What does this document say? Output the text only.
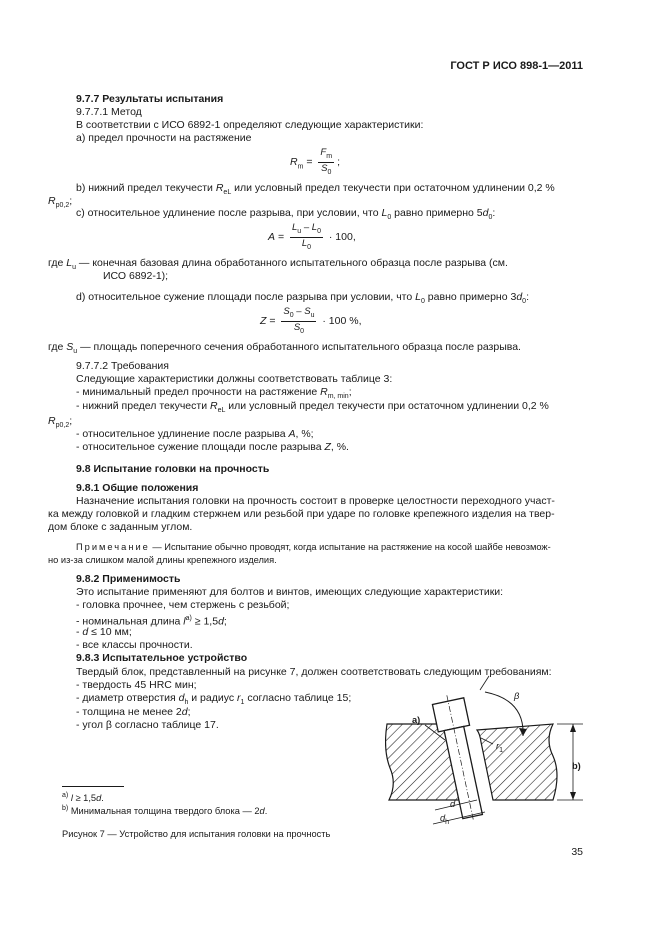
ГОСТ Р ИСО 898-1—2011
9.7.7 Результаты испытания
9.7.7.1 Метод
В соответствии с ИСО 6892-1 определяют следующие характеристики:
а) предел прочности на растяжение
$R_m = \frac{F_m}{S_0}$ ;
b) нижний предел текучести $R_{eL}$ или условный предел текучести при остаточном удлинении 0,2 %
$R_{p0,2}$;
с) относительное удлинение после разрыва, при условии, что $L_0$ равно примерно $5d_0$:
$A = \frac{L_u - L_0}{L_0} \cdot 100$,
где $L_u$ — конечная базовая длина обработанного испытательного образца после разрыва (см.
ИСО 6892-1);
d) относительное сужение площади после разрыва при условии, что $L_0$ равно примерно $3d_0$:
$Z = \frac{S_0 - S_u}{S_0} \cdot 100$ %,
где $S_u$ — площадь поперечного сечения обработанного испытательного образца после разрыва.
9.7.7.2 Требования
Следующие характеристики должны соответствовать таблице 3:
- минимальный предел прочности на растяжение $R_{m, min}$;
- нижний предел текучести $R_{eL}$ или условный предел текучести при остаточном удлинении 0,2 %
$R_{p0,2}$;
- относительное удлинение после разрыва A, %;
- относительное сужение площади после разрыва Z, %.
9.8 Испытание головки на прочность
9.8.1 Общие положения
Назначение испытания головки на прочность состоит в проверке целостности переходного участ-
ка между головкой и гладким стержнем или резьбой при ударе по головке крепежного изделия на твер-
дом блоке с заданным углом.
Примечание — Испытание обычно проводят, когда испытание на растяжение на косой шайбе невозмож-
но из-за слишком малой длины крепежного изделия.
9.8.2 Применимость
Это испытание применяют для болтов и винтов, имеющих следующие характеристики:
- головка прочнее, чем стержень с резьбой;
- номинальная длина $l^{a)} \ge 1,5d$;
- d ≤ 10 мм;
- все классы прочности.
9.8.3 Испытательное устройство
Твердый блок, представленный на рисунке 7, должен соответствовать следующим требованиям:
- твердость 45 HRC мин;
- диаметр отверстия $d_h$ и радиус $r_1$ согласно таблице 15;
- толщина не менее 2d;
- угол β согласно таблице 17.
$^{a)}$ l ≥ 1,5d.
$^{b)}$ Минимальная толщина твердого блока — 2d.
Рисунок 7 — Устройство для испытания головки на прочность
35
a)
b)
β
$r_1$
d
$d_h$
